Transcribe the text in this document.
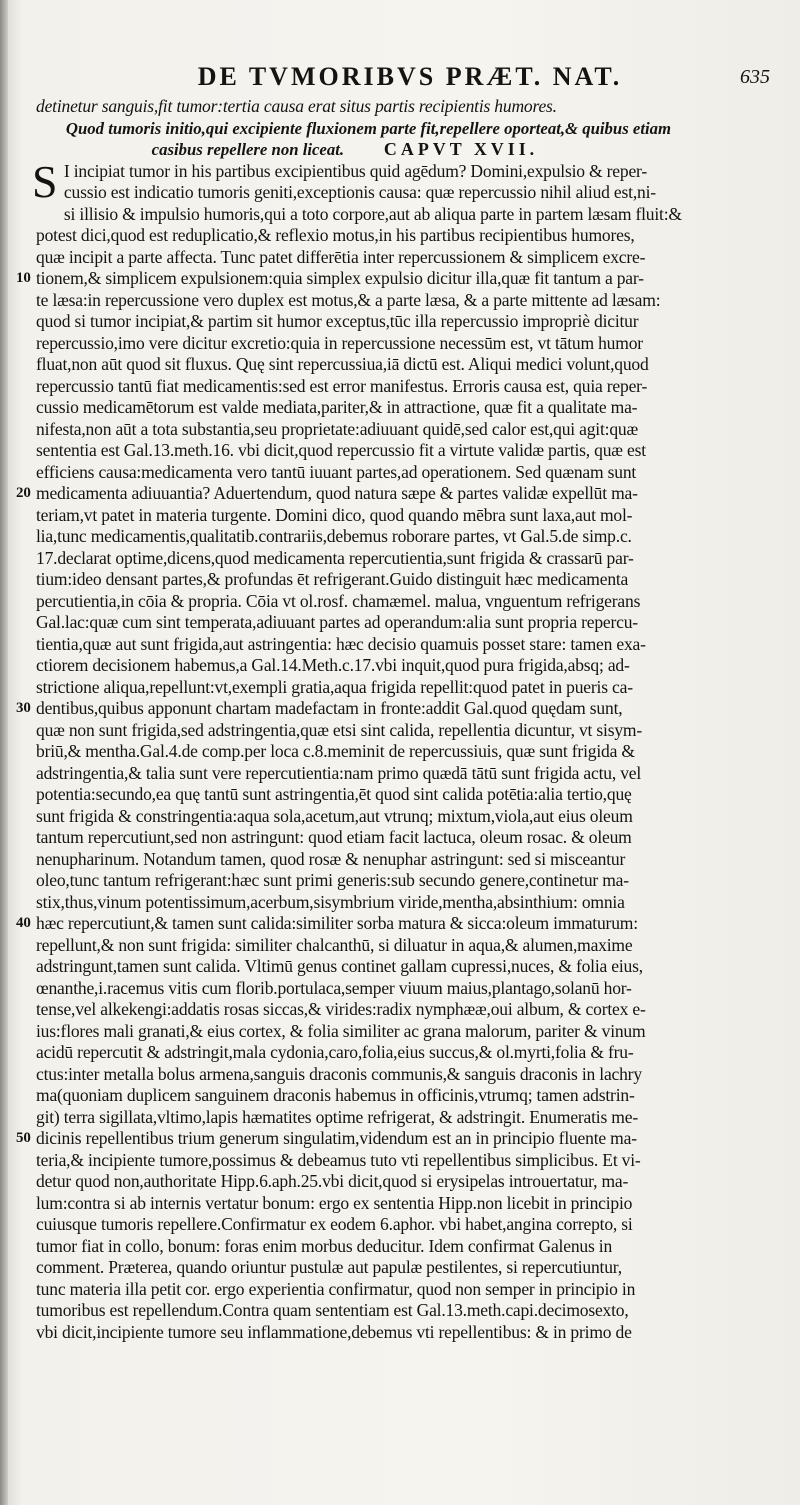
DE TVMORIBVS PRÆT. NAT.	635
detinetur sanguis,fit tumor:tertia causa erat situs partis recipientis humores.
Quod tumoris initio,qui excipiente fluxionem parte fit,repellere oporteat,& quibus etiam
casibus repellere non liceat. CAPVT XVII.
S I incipiat tumor in his partibus excipientibus quid agēdum? Domini,expulsio & reper-
cussio est indicatio tumoris geniti,exceptionis causa: quæ repercussio nihil aliud est,ni-
si illisio & impulsio humoris,qui a toto corpore,aut ab aliqua parte in partem læsam fluit:&
potest dici,quod est reduplicatio,& reflexio motus,in his partibus recipientibus humores,
quæ incipit a parte affecta. Tunc patet differētia inter repercussionem & simplicem excre-
tionem,& simplicem expulsionem:quia simplex expulsio dicitur illa,quæ fit tantum a par-
10
te læsa:in repercussione vero duplex est motus,& a parte læsa, & a parte mittente ad læsam:
quod si tumor incipiat,& partim sit humor exceptus,tūc illa repercussio impropriè dicitur
repercussio,imo vere dicitur excretio:quia in repercussione necessūm est, vt tātum humor
fluat,non aūt quod sit fluxus. Quę sint repercussiua,iā dictū est. Aliqui medici volunt,quod
repercussio tantū fiat medicamentis:sed est error manifestus. Erroris causa est, quia reper-
cussio medicamētorum est valde mediata,pariter,& in attractione, quæ fit a qualitate ma-
nifesta,non aūt a tota substantia,seu proprietate:adiuuant quidē,sed calor est,qui agit:quæ
sententia est Gal.13.meth.16. vbi dicit,quod repercussio fit a virtute validæ partis, quæ est
efficiens causa:medicamenta vero tantū iuuant partes,ad operationem. Sed quænam sunt
medicamenta adiuuantia? Aduertendum, quod natura sæpe & partes validæ expellūt ma-
20
teriam,vt patet in materia turgente. Domini dico, quod quando mēbra sunt laxa,aut mol-
lia,tunc medicamentis,qualitatib.contrariis,debemus roborare partes, vt Gal.5.de simp.c.
17.declarat optime,dicens,quod medicamenta repercutientia,sunt frigida & crassarū par-
tium:ideo densant partes,& profundas ēt refrigerant.Guido distinguit hæc medicamenta
percutientia,in cōia & propria. Cōia vt ol.rosf. chamæmel. malua, vnguentum refrigerans
Gal.lac:quæ cum sint temperata,adiuuant partes ad operandum:alia sunt propria repercu-
tientia,quæ aut sunt frigida,aut astringentia: hæc decisio quamuis posset stare: tamen exa-
ctiorem decisionem habemus,a Gal.14.Meth.c.17.vbi inquit,quod pura frigida,absq; ad-
strictione aliqua,repellunt:vt,exempli gratia,aqua frigida repellit:quod patet in pueris ca-
dentibus,quibus apponunt chartam madefactam in fronte:addit Gal.quod quędam sunt,
30
quæ non sunt frigida,sed adstringentia,quæ etsi sint calida, repellentia dicuntur, vt sisym-
briū,& mentha.Gal.4.de comp.per loca c.8.meminit de repercussiuis, quæ sunt frigida &
adstringentia,& talia sunt vere repercutientia:nam primo quædā tātū sunt frigida actu, vel
potentia:secundo,ea quę tantū sunt astringentia,ēt quod sint calida potētia:alia tertio,quę
sunt frigida & constringentia:aqua sola,acetum,aut vtrunq; mixtum,viola,aut eius oleum
tantum repercutiunt,sed non astringunt: quod etiam facit lactuca, oleum rosac. & oleum
nenupharinum. Notandum tamen, quod rosæ & nenuphar astringunt: sed si misceantur
oleo,tunc tantum refrigerant:hæc sunt primi generis:sub secundo genere,continetur ma-
stix,thus,vinum potentissimum,acerbum,sisymbrium viride,mentha,absinthium: omnia
hæc repercutiunt,& tamen sunt calida:similiter sorba matura & sicca:oleum immaturum:
40
repellunt,& non sunt frigida: similiter chalcanthū, si diluatur in aqua,& alumen,maxime
adstringunt,tamen sunt calida. Vltimū genus continet gallam cupressi,nuces, & folia eius,
œnanthe,i.racemus vitis cum florib.portulaca,semper viuum maius,plantago,solanū hor-
tense,vel alkekengi:addatis rosas siccas,& virides:radix nymphææ,oui album, & cortex e-
ius:flores mali granati,& eius cortex, & folia similiter ac grana malorum, pariter & vinum
acidū repercutit & adstringit,mala cydonia,caro,folia,eius succus,& ol.myrti,folia & fru-
ctus:inter metalla bolus armena,sanguis draconis communis,& sanguis draconis in lachry
ma(quoniam duplicem sanguinem draconis habemus in officinis,vtrumq; tamen adstrin-
git) terra sigillata,vltimo,lapis hæmatites optime refrigerat, & adstringit. Enumeratis me-
dicinis repellentibus trium generum singulatim,videndum est an in principio fluente ma-
50
teria,& incipiente tumore,possimus & debeamus tuto vti repellentibus simplicibus. Et vi-
detur quod non,authoritate Hipp.6.aph.25.vbi dicit,quod si erysipelas introuertatur, ma-
lum:contra si ab internis vertatur bonum: ergo ex sententia Hipp.non licebit in principio
cuiusque tumoris repellere.Confirmatur ex eodem 6.aphor. vbi habet,angina correpto, si
tumor fiat in collo, bonum: foras enim morbus deducitur. Idem confirmat Galenus in
comment. Præterea, quando oriuntur pustulæ aut papulæ pestilentes, si repercutiuntur,
tunc materia illa petit cor. ergo experientia confirmatur, quod non semper in principio in
tumoribus est repellendum.Contra quam sententiam est Gal.13.meth.capi.decimosexto,
vbi dicit,incipiente tumore seu inflammatione,debemus vti repellentibus: & in primo de
